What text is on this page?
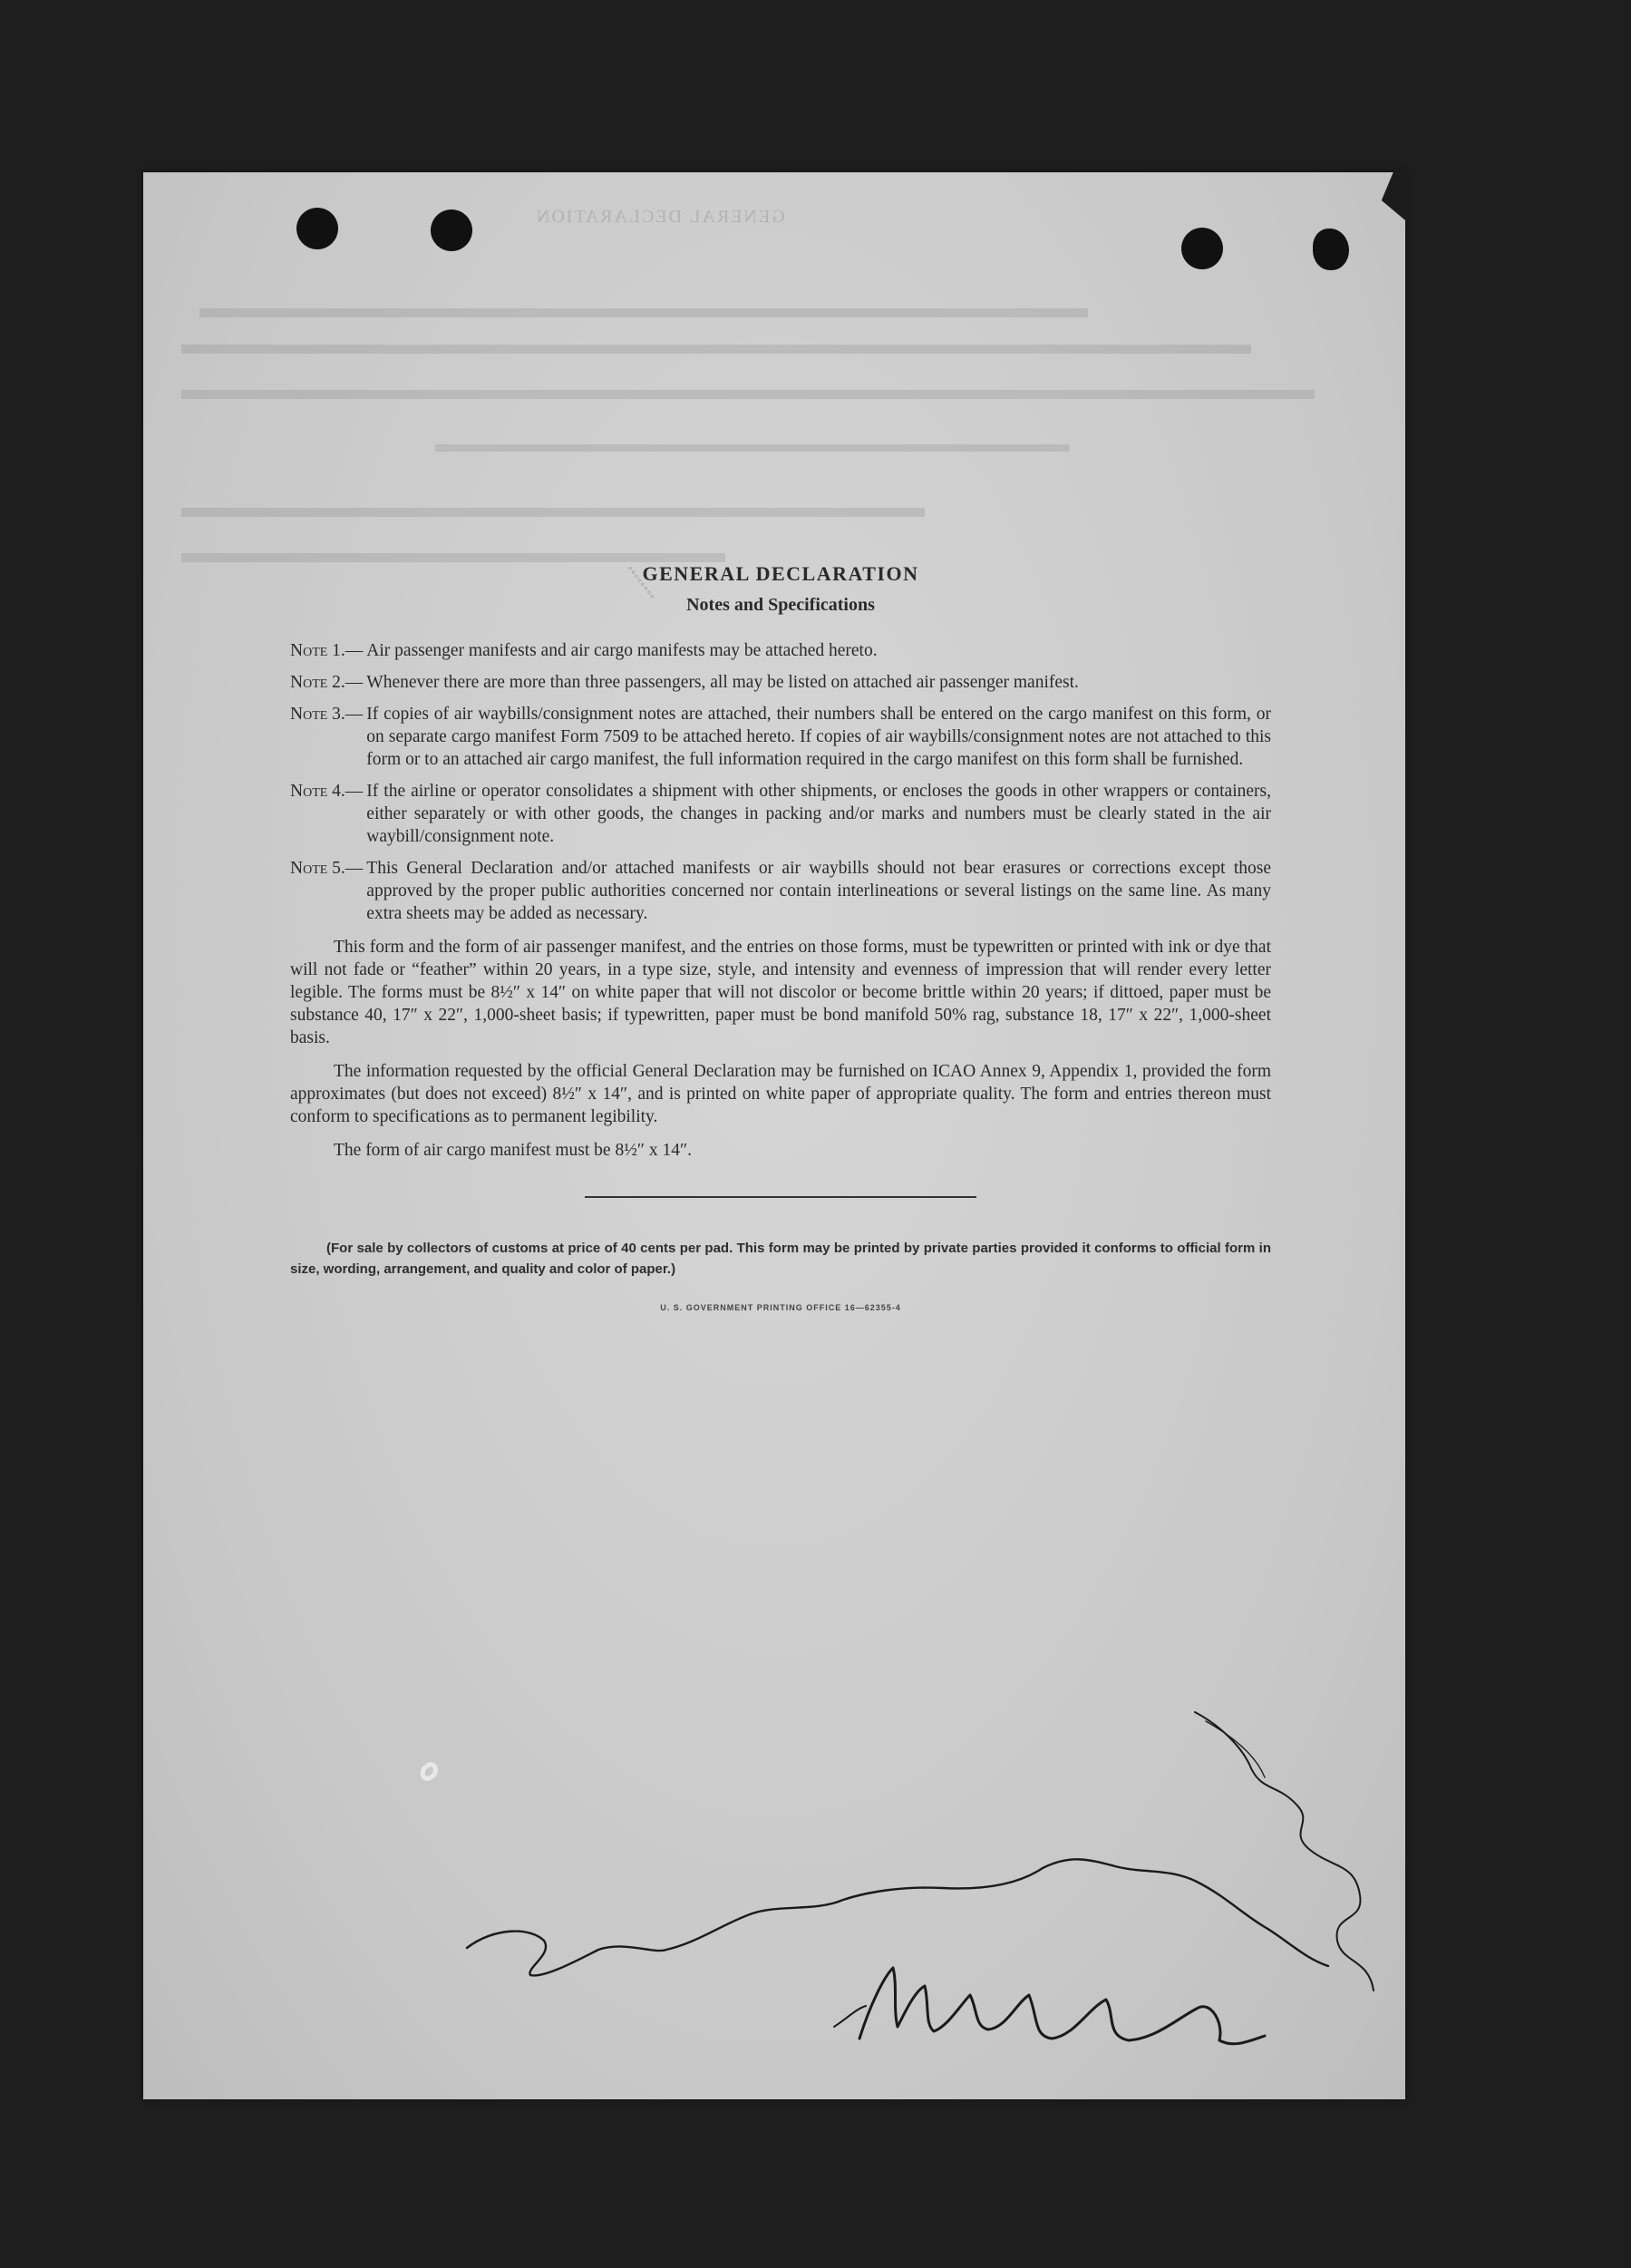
GENERAL DECLARATION
◦◦◦◦◦◦◦◦
GENERAL DECLARATION
Notes and Specifications
Note 1.— Air passenger manifests and air cargo manifests may be attached hereto.
Note 2.— Whenever there are more than three passengers, all may be listed on attached air passenger manifest.
Note 3.— If copies of air waybills/consignment notes are attached, their numbers shall be entered on the cargo manifest on this form, or on separate cargo manifest Form 7509 to be attached hereto. If copies of air waybills/consignment notes are not attached to this form or to an attached air cargo manifest, the full information required in the cargo manifest on this form shall be furnished.
Note 4.— If the airline or operator consolidates a shipment with other shipments, or encloses the goods in other wrappers or containers, either separately or with other goods, the changes in packing and/or marks and numbers must be clearly stated in the air waybill/consignment note.
Note 5.— This General Declaration and/or attached manifests or air waybills should not bear erasures or corrections except those approved by the proper public authorities concerned nor contain interlineations or several listings on the same line. As many extra sheets may be added as necessary.

This form and the form of air passenger manifest, and the entries on those forms, must be typewritten or printed with ink or dye that will not fade or “feather” within 20 years, in a type size, style, and intensity and evenness of impression that will render every letter legible. The forms must be 8½″ x 14″ on white paper that will not discolor or become brittle within 20 years; if dittoed, paper must be substance 40, 17″ x 22″, 1,000-sheet basis; if typewritten, paper must be bond manifold 50% rag, substance 18, 17″ x 22″, 1,000-sheet basis.

The information requested by the official General Declaration may be furnished on ICAO Annex 9, Appendix 1, provided the form approximates (but does not exceed) 8½″ x 14″, and is printed on white paper of appropriate quality. The form and entries thereon must conform to specifications as to permanent legibility.

The form of air cargo manifest must be 8½″ x 14″.

(For sale by collectors of customs at price of 40 cents per pad. This form may be printed by private parties provided it conforms to official form in size, wording, arrangement, and quality and color of paper.)

U. S. GOVERNMENT PRINTING OFFICE 16—62355-4
